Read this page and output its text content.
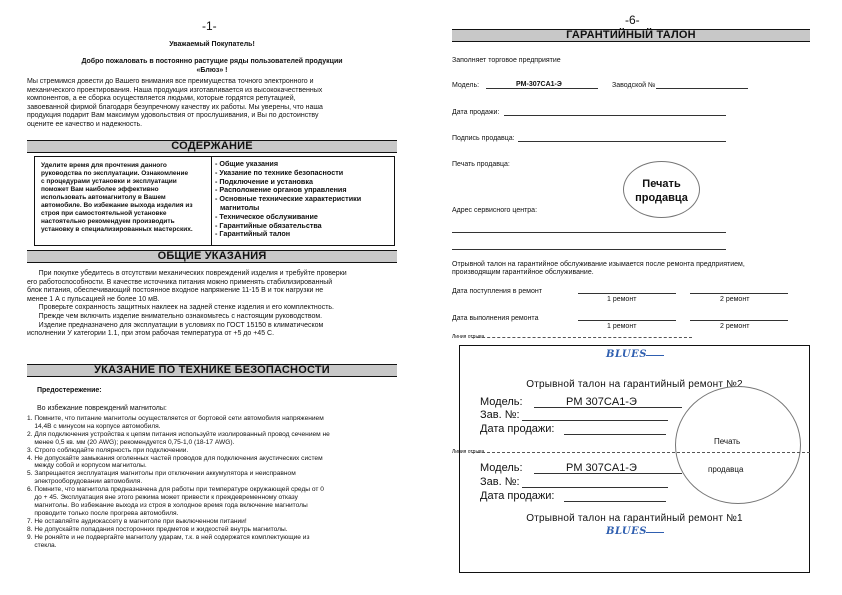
-1-
Уважаемый Покупатель!
Добро пожаловать в постоянно растущие ряды пользователей продукции
«Блюз» !
Мы стремимся довести до Вашего внимания все преимущества точного электронного и
механического проектирования. Наша продукция изготавливается из высококачественных
компонентов, а ее сборка осуществляется людьми, которые гордятся репутацией,
завоеванной фирмой благодаря безупречному качеству их работы. Мы уверены, что наша
продукция подарит Вам максимум удовольствия от прослушивания, и Вы по достоинству
оцените ее качество и надежность.
СОДЕРЖАНИЕ
Уделите время для прочтения данного
руководства по эксплуатации. Ознакомление
с процедурами установки и эксплуатации
поможет Вам наиболее эффективно
использовать автомагнитолу в Вашем
автомобиле. Во избежание выхода изделия из
строя при самостоятельной установке
настоятельно рекомендуем производить
установку в специализированных мастерских.
- Общие указания
- Указание по технике безопасности
- Подключение и установка
- Расположение органов управления
- Основные технические характеристики
магнитолы
- Техническое обслуживание
- Гарантийные обязательства
- Гарантийный талон
ОБЩИЕ УКАЗАНИЯ
При покупке убедитесь в отсутствии механических повреждений изделия и требуйте проверки
его работоспособности. В качестве источника питания можно применять стабилизированный
блок питания, обеспечивающий постоянное входное напряжение 11-15 В и ток нагрузки не
менее 1 А с пульсацией не более 10 мВ.
Проверьте сохранность защитных наклеек на задней стенке изделия и его комплектность.
Прежде чем включить изделие внимательно ознакомьтесь с настоящим руководством.
Изделие предназначено для эксплуатации в условиях по ГОСТ 15150 в климатическом
исполнении У категории 1.1, при этом рабочая температура от +5 до +45 С.
УКАЗАНИЕ ПО ТЕХНИКЕ БЕЗОПАСНОСТИ
Предостережение:
Во избежание повреждений магнитолы:
1. Помните, что питание магнитолы осуществляется от бортовой сети автомобиля напряжением
14,4В с минусом на корпусе автомобиля.
2. Для подключения устройства к цепям питания используйте изолированный провод сечением не
менее 0,5 кв. мм (20 AWG); рекомендуется 0,75-1,0 (18-17 AWG).
3. Строго соблюдайте полярность при подключении.
4. Не допускайте замыкания оголенных частей проводов для подключения акустических систем
между собой и корпусом магнитолы.
5. Запрещается эксплуатация магнитолы при отключении аккумулятора и неисправном
электрооборудовании автомобиля.
6. Помните, что магнитола предназначена для работы при температуре окружающей среды от 0
до + 45. Эксплуатация вне этого режима может привести к преждевременному отказу
магнитолы. Во избежание выхода из строя в холодное время года включение магнитолы
проводите только после прогрева автомобиля.
7. Не оставляйте аудиокассету в магнитоле при выключенном питании!
8. Не допускайте попадания посторонних предметов и жидкостей внутрь магнитолы.
9. Не роняйте и не подвергайте магнитолу ударам, т.к. в ней содержатся комплектующие из
стекла.
-6-
ГАРАНТИЙНЫЙ ТАЛОН
Заполняет торговое предприятие
Модель:	PM-307CA1-Э	Заводской №
Дата продажи:
Подпись продавца:
Печать продавца:
Печать
продавца
Адрес сервисного центра:
Отрывной талон на гарантийное обслуживание изымается после ремонта предприятием,
производящим гарантийное обслуживание.
Дата поступления в ремонт
1 ремонт	2 ремонт
Дата выполнения ремонта
1 ремонт	2 ремонт
Линия отрыва
BLUES
Отрывной талон на гарантийный ремонт №2
Модель:	PM 307CA1-Э
Зав. №:
Дата продажи:
Печать
Линия отрыва
продавца
Модель:	PM 307CA1-Э
Зав. №:
Дата продажи:
Отрывной талон на гарантийный ремонт №1
BLUES
